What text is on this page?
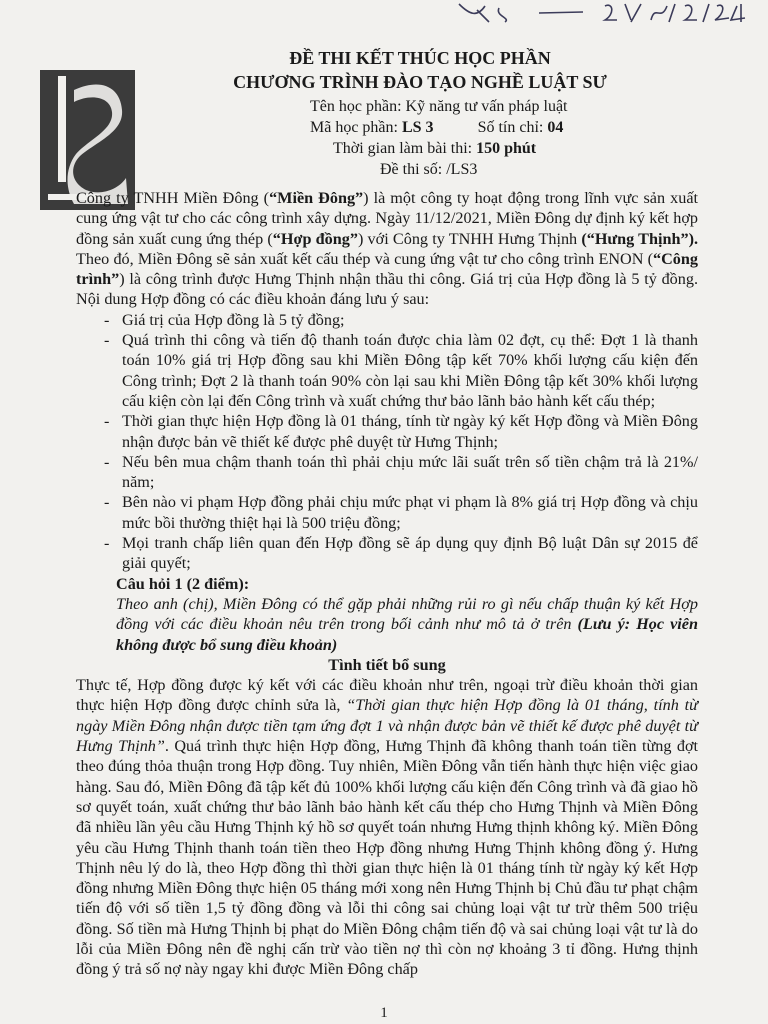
ĐỀ THI KẾT THÚC HỌC PHẦN
CHƯƠNG TRÌNH ĐÀO TẠO NGHỀ LUẬT SƯ
Tên học phần: Kỹ năng tư vấn pháp luật
Mã học phần: LS 3	Số tín chỉ: 04
Thời gian làm bài thi: 150 phút
Đề thi số: /LS3

Công ty TNHH Miền Đông (“Miền Đông”) là một công ty hoạt động trong lĩnh vực sản xuất cung ứng vật tư cho các công trình xây dựng. Ngày 11/12/2021, Miền Đông dự định ký kết hợp đồng sản xuất cung ứng thép (“Hợp đồng”) với Công ty TNHH Hưng Thịnh (“Hưng Thịnh”). Theo đó, Miền Đông sẽ sản xuất kết cấu thép và cung ứng vật tư cho công trình ENON (“Công trình”) là công trình được Hưng Thịnh nhận thầu thi công. Giá trị của Hợp đồng là 5 tỷ đồng. Nội dung Hợp đồng có các điều khoản đáng lưu ý sau:

- Giá trị của Hợp đồng là 5 tỷ đồng;

- Quá trình thi công và tiến độ thanh toán được chia làm 02 đợt, cụ thể: Đợt 1 là thanh toán 10% giá trị Hợp đồng sau khi Miền Đông tập kết 70% khối lượng cấu kiện đến Công trình; Đợt 2 là thanh toán 90% còn lại sau khi Miền Đông tập kết 30% khối lượng cấu kiện còn lại đến Công trình và xuất chứng thư bảo lãnh bảo hành kết cấu thép;

- Thời gian thực hiện Hợp đồng là 01 tháng, tính từ ngày ký kết Hợp đồng và Miền Đông nhận được bản vẽ thiết kế được phê duyệt từ Hưng Thịnh;

- Nếu bên mua chậm thanh toán thì phải chịu mức lãi suất trên số tiền chậm trả là 21%/ năm;

- Bên nào vi phạm Hợp đồng phải chịu mức phạt vi phạm là 8% giá trị Hợp đồng và chịu mức bồi thường thiệt hại là 500 triệu đồng;

- Mọi tranh chấp liên quan đến Hợp đồng sẽ áp dụng quy định Bộ luật Dân sự 2015 để giải quyết;

Câu hỏi 1 (2 điểm):

Theo anh (chị), Miền Đông có thể gặp phải những rủi ro gì nếu chấp thuận ký kết Hợp đồng với các điều khoản nêu trên trong bối cảnh như mô tả ở trên (Lưu ý: Học viên không được bổ sung điều khoản)

Tình tiết bổ sung

Thực tế, Hợp đồng được ký kết với các điều khoản như trên, ngoại trừ điều khoản thời gian thực hiện Hợp đồng được chỉnh sửa là, “Thời gian thực hiện Hợp đồng là 01 tháng, tính từ ngày Miền Đông nhận được tiền tạm ứng đợt 1 và nhận được bản vẽ thiết kế được phê duyệt từ Hưng Thịnh”. Quá trình thực hiện Hợp đồng, Hưng Thịnh đã không thanh toán tiền từng đợt theo đúng thỏa thuận trong Hợp đồng. Tuy nhiên, Miền Đông vẫn tiến hành thực hiện việc giao hàng. Sau đó, Miền Đông đã tập kết đủ 100% khối lượng cấu kiện đến Công trình và đã giao hồ sơ quyết toán, xuất chứng thư bảo lãnh bảo hành kết cấu thép cho Hưng Thịnh và Miền Đông đã nhiều lần yêu cầu Hưng Thịnh ký hồ sơ quyết toán nhưng Hưng thịnh không ký. Miền Đông yêu cầu Hưng Thịnh thanh toán tiền theo Hợp đồng nhưng Hưng Thịnh không đồng ý. Hưng Thịnh nêu lý do là, theo Hợp đồng thì thời gian thực hiện là 01 tháng tính từ ngày ký kết Hợp đồng nhưng Miền Đông thực hiện 05 tháng mới xong nên Hưng Thịnh bị Chủ đầu tư phạt chậm tiến độ với số tiền 1,5 tỷ đồng đồng và lỗi thi công sai chủng loại vật tư trừ thêm 500 triệu đồng. Số tiền mà Hưng Thịnh bị phạt do Miền Đông chậm tiến độ và sai chủng loại vật tư là do lỗi của Miền Đông nên đề nghị cấn trừ vào tiền nợ thì còn nợ khoảng 3 tỉ đồng. Hưng thịnh đồng ý trả số nợ này ngay khi được Miền Đông chấp

1
